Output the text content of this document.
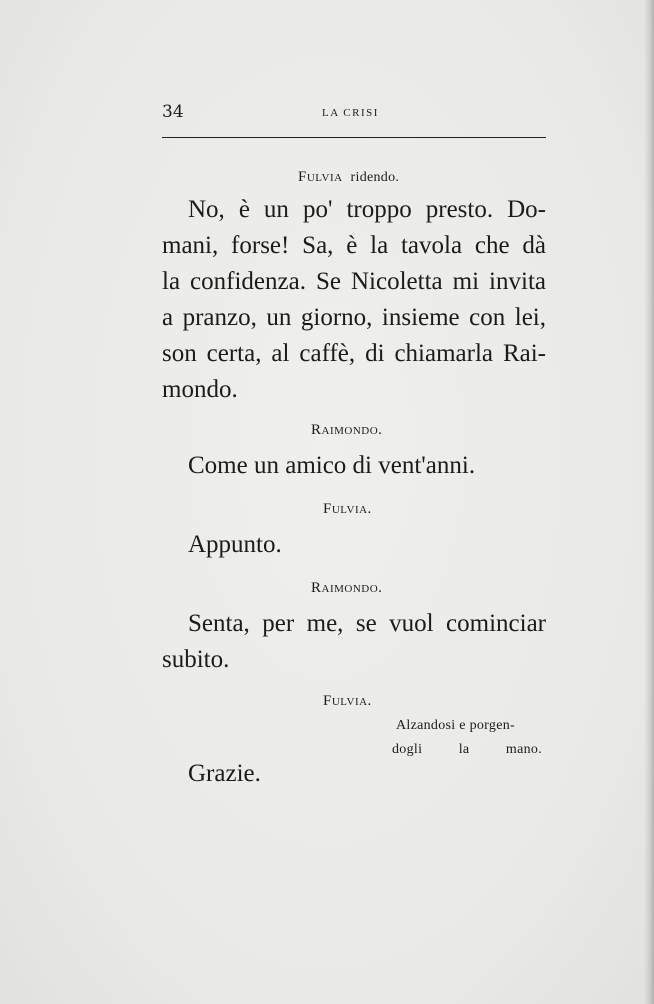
34	LA CRISI
Fulvia ridendo.
No, è un po' troppo presto. Do-
mani, forse! Sa, è la tavola che dà
la confidenza. Se Nicoletta mi invita
a pranzo, un giorno, insieme con lei,
son certa, al caffè, di chiamarla Rai-
mondo.
Raimondo.
Come un amico di vent'anni.
Fulvia.
Appunto.
Raimondo.
Senta, per me, se vuol cominciar
subito.
Fulvia.
Alzandosi e porgen-
dogli la mano.
Grazie.
